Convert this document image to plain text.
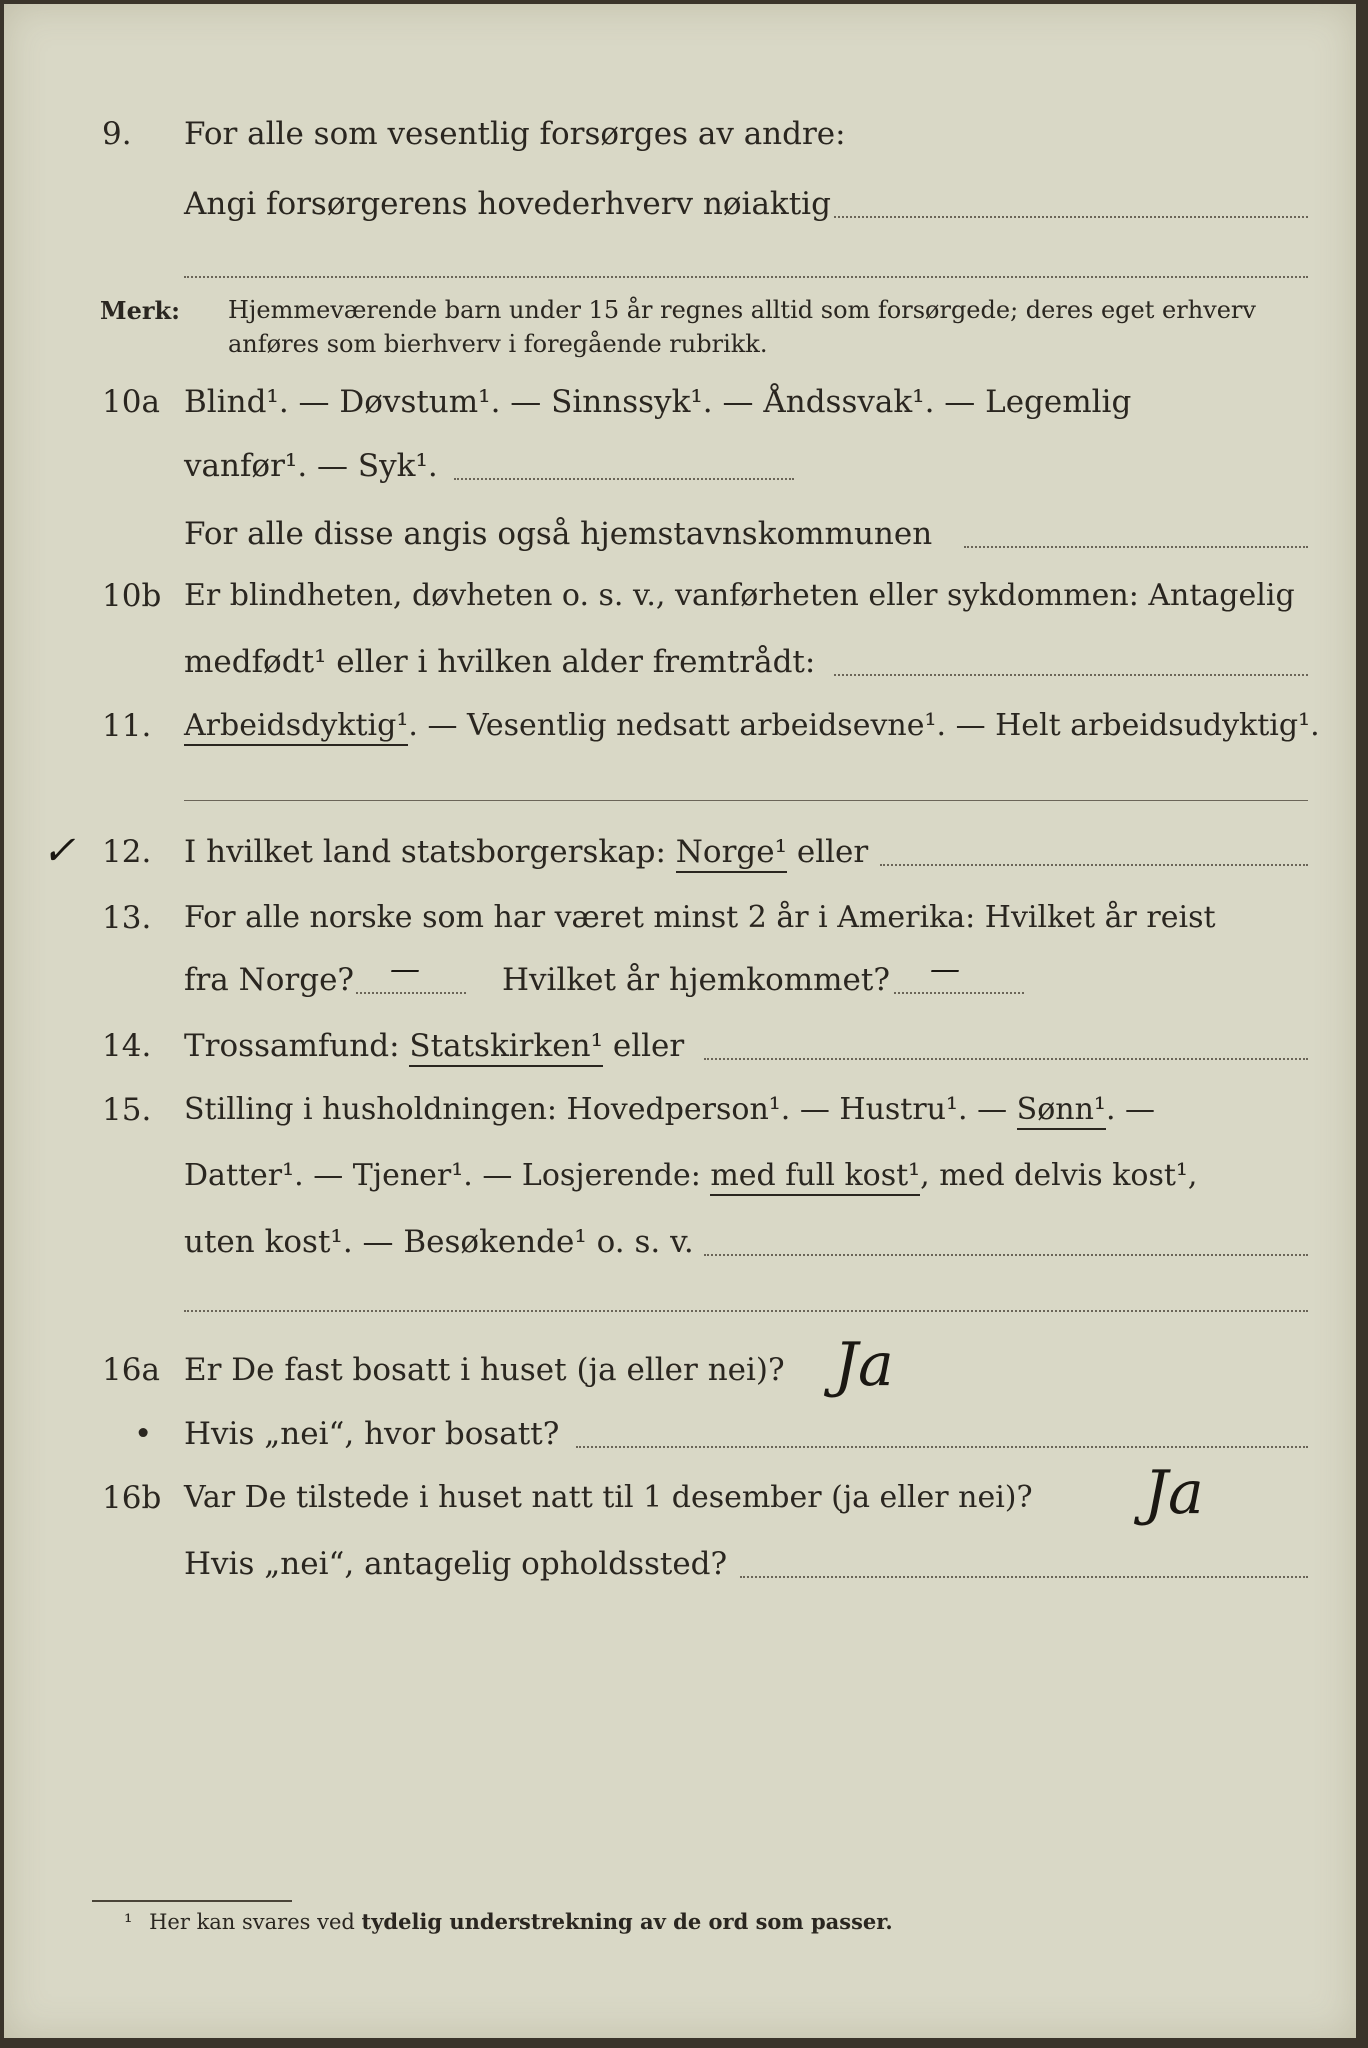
9. For alle som vesentlig forsørges av andre:
Angi forsørgerens hovederhverv nøiaktig
Merk: Hjemmeværende barn under 15 år regnes alltid som forsørgede; deres eget erhverv
anføres som bierhverv i foregående rubrikk.
10a Blind¹. — Døvstum¹. — Sinnssyk¹. — Åndssvak¹. — Legemlig
vanfør¹. — Syk¹.
For alle disse angis også hjemstavnskommunen
10b Er blindheten, døvheten o. s. v., vanførheten eller sykdommen: Antagelig
medfødt¹ eller i hvilken alder fremtrådt:
11. Arbeidsdyktig¹. — Vesentlig nedsatt arbeidsevne¹. — Helt arbeidsudyktig¹.
✓ 12. I hvilket land statsborgerskap: Norge¹ eller
13. For alle norske som har været minst 2 år i Amerika: Hvilket år reist
fra Norge? —	Hvilket år hjemkommet? —
14. Trossamfund: Statskirken¹ eller
15. Stilling i husholdningen: Hovedperson¹. — Hustru¹. — Sønn¹. —
Datter¹. — Tjener¹. — Losjerende: med full kost¹, med delvis kost¹,
uten kost¹. — Besøkende¹ o. s. v.
16a Er De fast bosatt i huset (ja eller nei)? Ja
• Hvis „nei“, hvor bosatt?
16b Var De tilstede i huset natt til 1 desember (ja eller nei)? Ja
Hvis „nei“, antagelig opholdssted?
¹ Her kan svares ved tydelig understrekning av de ord som passer.
